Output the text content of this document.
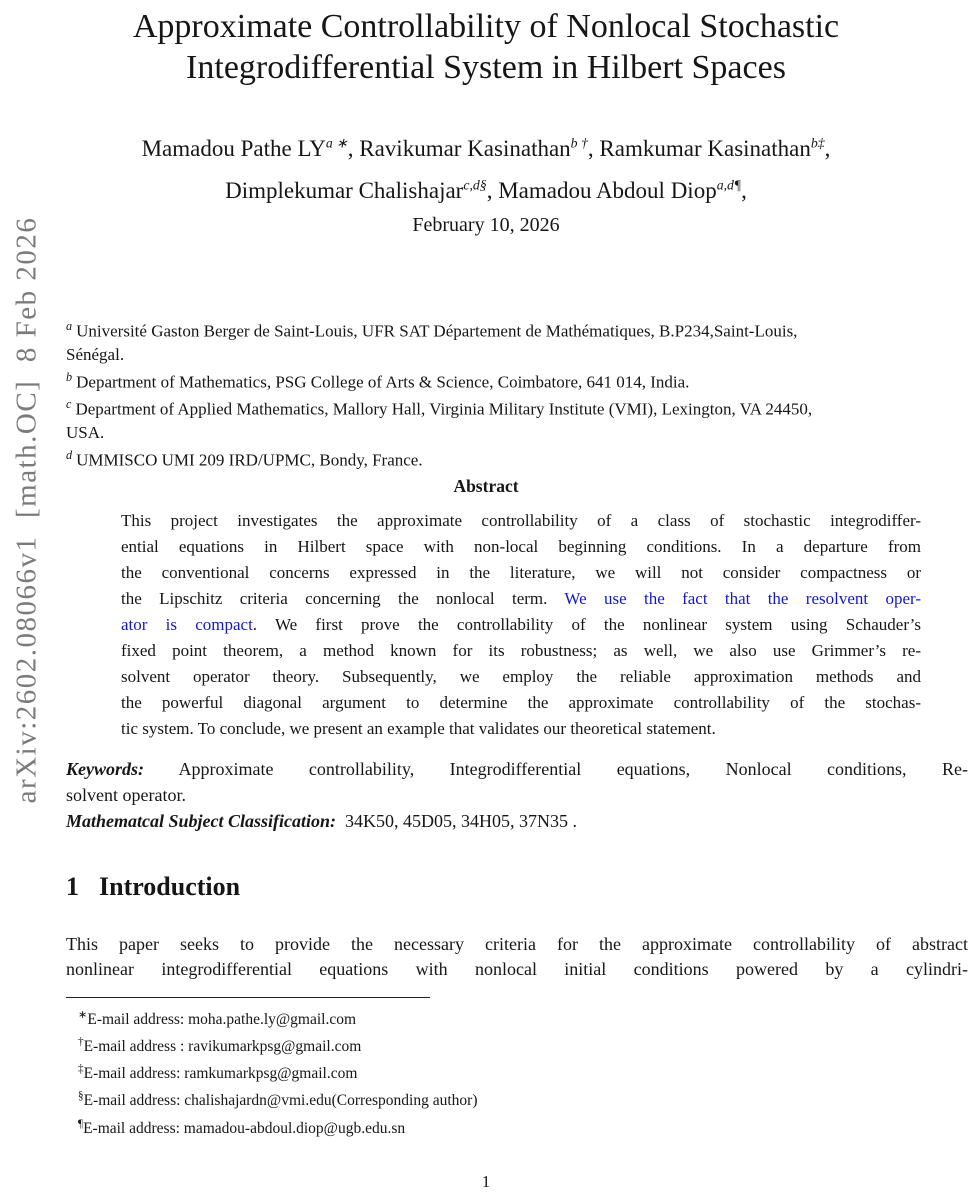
arXiv:2602.08066v1  [math.OC]  8 Feb 2026
Approximate Controllability of Nonlocal Stochastic
Integrodifferential System in Hilbert Spaces
Mamadou Pathe $LY^{a ∗}$, Ravikumar Kasinathan$^{b \dagger}$, Ramkumar Kasinathan$^{b\ddagger}$,
Dimplekumar Chalishajar$^{c,d\S}$, Mamadou Abdoul Diop$^{a,d\P}$,
February 10, 2026
$^a$ Université Gaston Berger de Saint-Louis, UFR SAT Département de Mathématiques, B.P234,Saint-Louis,
Sénégal.
$^b$ Department of Mathematics, PSG College of Arts & Science, Coimbatore, 641 014, India.
$^c$ Department of Applied Mathematics, Mallory Hall, Virginia Military Institute (VMI), Lexington, VA 24450,
USA.
$^d$ UMMISCO UMI 209 IRD/UPMC, Bondy, France.
Abstract
This project investigates the approximate controllability of a class of stochastic integrodiffer-
ential equations in Hilbert space with non-local beginning conditions. In a departure from
the conventional concerns expressed in the literature, we will not consider compactness or
the Lipschitz criteria concerning the nonlocal term. We use the fact that the resolvent oper-
ator is compact. We first prove the controllability of the nonlinear system using Schauder’s
fixed point theorem, a method known for its robustness; as well, we also use Grimmer’s re-
solvent operator theory. Subsequently, we employ the reliable approximation methods and
the powerful diagonal argument to determine the approximate controllability of the stochas-
tic system. To conclude, we present an example that validates our theoretical statement.
Keywords: Approximate controllability, Integrodifferential equations, Nonlocal conditions, Re-
solvent operator.
Mathematcal Subject Classification: 34K50, 45D05, 34H05, 37N35 .
1 Introduction
This paper seeks to provide the necessary criteria for the approximate controllability of abstract
nonlinear integrodifferential equations with nonlocal initial conditions powered by a cylindri-
∗E-mail address: moha.pathe.ly@gmail.com
†E-mail address : ravikumarkpsg@gmail.com
‡E-mail address: ramkumarkpsg@gmail.com
§E-mail address: chalishajardn@vmi.edu(Corresponding author)
¶E-mail address: mamadou-abdoul.diop@ugb.edu.sn
1
